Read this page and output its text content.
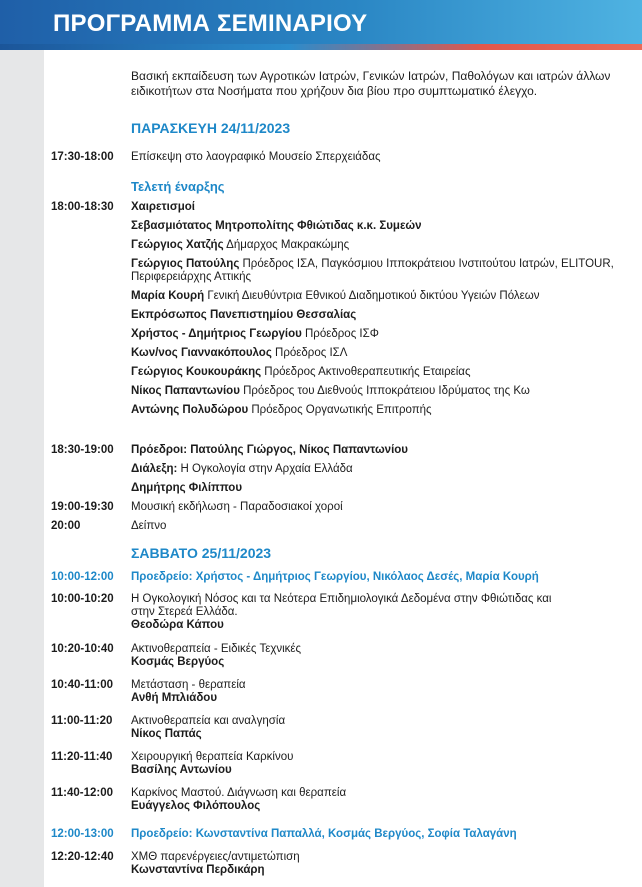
ΠΡΟΓΡΑΜΜΑ ΣΕΜΙΝΑΡΙΟΥ
Βασική εκπαίδευση των Αγροτικών Ιατρών, Γενικών Ιατρών, Παθολόγων και ιατρών άλλων ειδικοτήτων στα Νοσήματα που χρήζουν δια βίου προ συμπτωματικό έλεγχο.
ΠΑΡΑΣΚΕΥΗ 24/11/2023
17:30-18:00 Επίσκεψη στο λαογραφικό Μουσείο Σπερχειάδας
Τελετή έναρξης
18:00-18:30 Χαιρετισμοί
Σεβασμιότατος Μητροπολίτης Φθιώτιδας κ.κ. Συμεών
Γεώργιος Χατζής Δήμαρχος Μακρακώμης
Γεώργιος Πατούλης Πρόεδρος ΙΣΑ, Παγκόσμιου Ιπποκράτειου Ινστιτούτου Ιατρών, ELITOUR, Περιφερειάρχης Αττικής
Μαρία Κουρή Γενική Διευθύντρια Εθνικού Διαδημοτικού δικτύου Υγειών Πόλεων
Εκπρόσωπος Πανεπιστημίου Θεσσαλίας
Χρήστος - Δημήτριος Γεωργίου Πρόεδρος ΙΣΦ
Κων/νος Γιαννακόπουλος Πρόεδρος ΙΣΛ
Γεώργιος Κουκουράκης Πρόεδρος Ακτινοθεραπευτικής Εταιρείας
Νίκος Παπαντωνίου Πρόεδρος του Διεθνούς Ιπποκράτειου Ιδρύματος της Κω
Αντώνης Πολυδώρου Πρόεδρος Οργανωτικής Επιτροπής
18:30-19:00 Πρόεδροι: Πατούλης Γιώργος, Νίκος Παπαντωνίου
Διάλεξη: Η Ογκολογία στην Αρχαία Ελλάδα
Δημήτρης Φιλίππου
19:00-19:30 Μουσική εκδήλωση - Παραδοσιακοί χοροί
20:00	Δείπνο
ΣΑΒΒΑΤΟ 25/11/2023
10:00-12:00 Προεδρείο: Χρήστος - Δημήτριος Γεωργίου, Νικόλαος Δεσές, Μαρία Κουρή
10:00-10:20 Η Ογκολογική Νόσος και τα Νεότερα Επιδημιολογικά Δεδομένα στην Φθιώτιδας και στην Στερεά Ελλάδα.
Θεοδώρα Κάπου
10:20-10:40 Ακτινοθεραπεία - Ειδικές Τεχνικές
Κοσμάς Βεργύος
10:40-11:00 Μετάσταση - θεραπεία
Ανθή Μπλιάδου
11:00-11:20 Ακτινοθεραπεία και αναλγησία
Νίκος Παπάς
11:20-11:40 Χειρουργική θεραπεία Καρκίνου
Βασίλης Αντωνίου
11:40-12:00 Καρκίνος Μαστού. Διάγνωση και θεραπεία
Ευάγγελος Φιλόπουλος
12:00-13:00 Προεδρείο: Κωνσταντίνα Παπαλλά, Κοσμάς Βεργύος, Σοφία Ταλαγάνη
12:20-12:40 ΧΜΘ παρενέργειες/αντιμετώπιση
Κωνσταντίνα Περδικάρη
